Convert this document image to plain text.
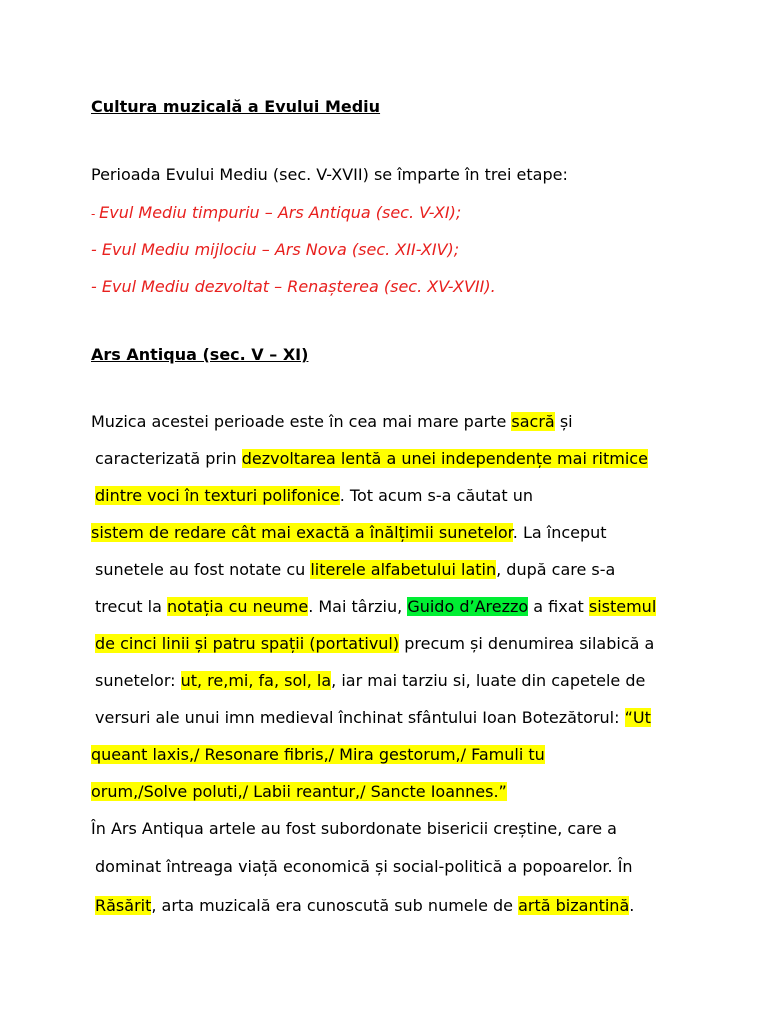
Cultura muzicală a Evului Mediu
Perioada Evului Mediu (sec. V-XVII) se împarte în trei etape:
- Evul Mediu timpuriu – Ars Antiqua (sec. V-XI);
- Evul Mediu mijlociu – Ars Nova (sec. XII-XIV);
- Evul Mediu dezvoltat – Renașterea (sec. XV-XVII).
Ars Antiqua (sec. V – XI)
Muzica acestei perioade este în cea mai mare parte sacră și
caracterizată prin dezvoltarea lentă a unei independențe mai ritmice
dintre voci în texturi polifonice. Tot acum s-a căutat un
sistem de redare cât mai exactă a înălțimii sunetelor. La început
sunetele au fost notate cu literele alfabetului latin, după care s-a
trecut la notația cu neume. Mai târziu, Guido d’Arezzo a fixat sistemul
de cinci linii și patru spații (portativul) precum și denumirea silabică a
sunetelor: ut, re,mi, fa, sol, la, iar mai tarziu si, luate din capetele de
versuri ale unui imn medieval închinat sfântului Ioan Botezătorul: “Ut
queant laxis,/ Resonare fibris,/ Mira gestorum,/ Famuli tu
orum,/Solve poluti,/ Labii reantur,/ Sancte Ioannes.”
În Ars Antiqua artele au fost subordonate bisericii creștine, care a
dominat întreaga viață economică și social-politică a popoarelor. În
Răsărit, arta muzicală era cunoscută sub numele de artă bizantină.
